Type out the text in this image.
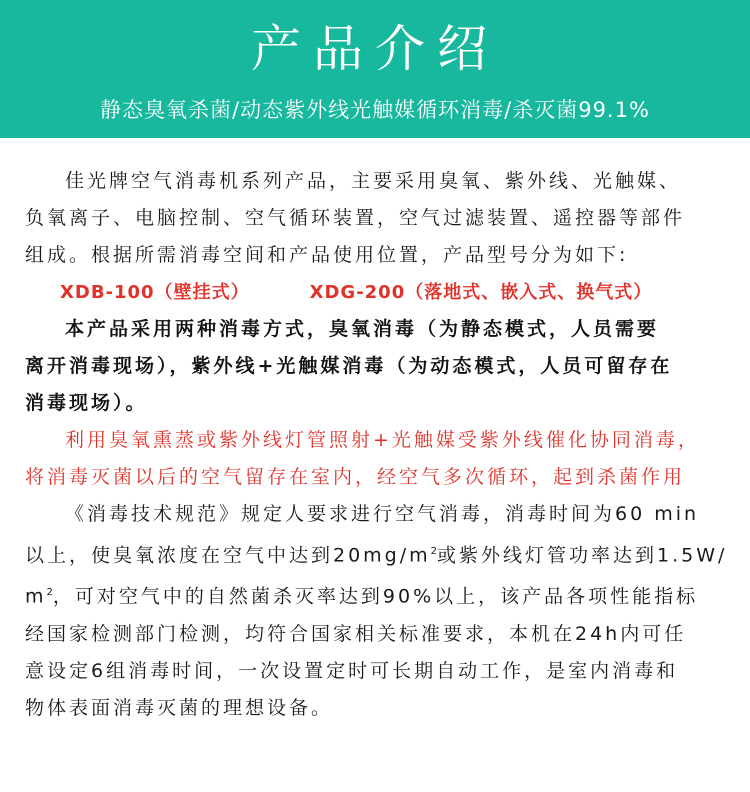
产品介绍
静态臭氧杀菌/动态紫外线光触媒循环消毒/杀灭菌99.1%
佳光牌空气消毒机系列产品，主要采用臭氧、紫外线、光触媒、
负氧离子、电脑控制、空气循环装置，空气过滤装置、遥控器等部件
组成。根据所需消毒空间和产品使用位置，产品型号分为如下:
XDB-100（壁挂式）	XDG-200（落地式、嵌入式、换气式）
本产品采用两种消毒方式，臭氧消毒（为静态模式，人员需要
离开消毒现场），紫外线+光触媒消毒（为动态模式，人员可留存在
消毒现场）。
利用臭氧熏蒸或紫外线灯管照射+光触媒受紫外线催化协同消毒，
将消毒灭菌以后的空气留存在室内，经空气多次循环，起到杀菌作用
《消毒技术规范》规定人要求进行空气消毒，消毒时间为60 min
以上，使臭氧浓度在空气中达到$20mg/m^2$或紫外线灯管功率达到1.5W/
$m^2$，可对空气中的自然菌杀灭率达到90%以上，该产品各项性能指标
经国家检测部门检测，均符合国家相关标准要求，本机在24h内可任
意设定6组消毒时间，一次设置定时可长期自动工作，是室内消毒和
物体表面消毒灭菌的理想设备。
